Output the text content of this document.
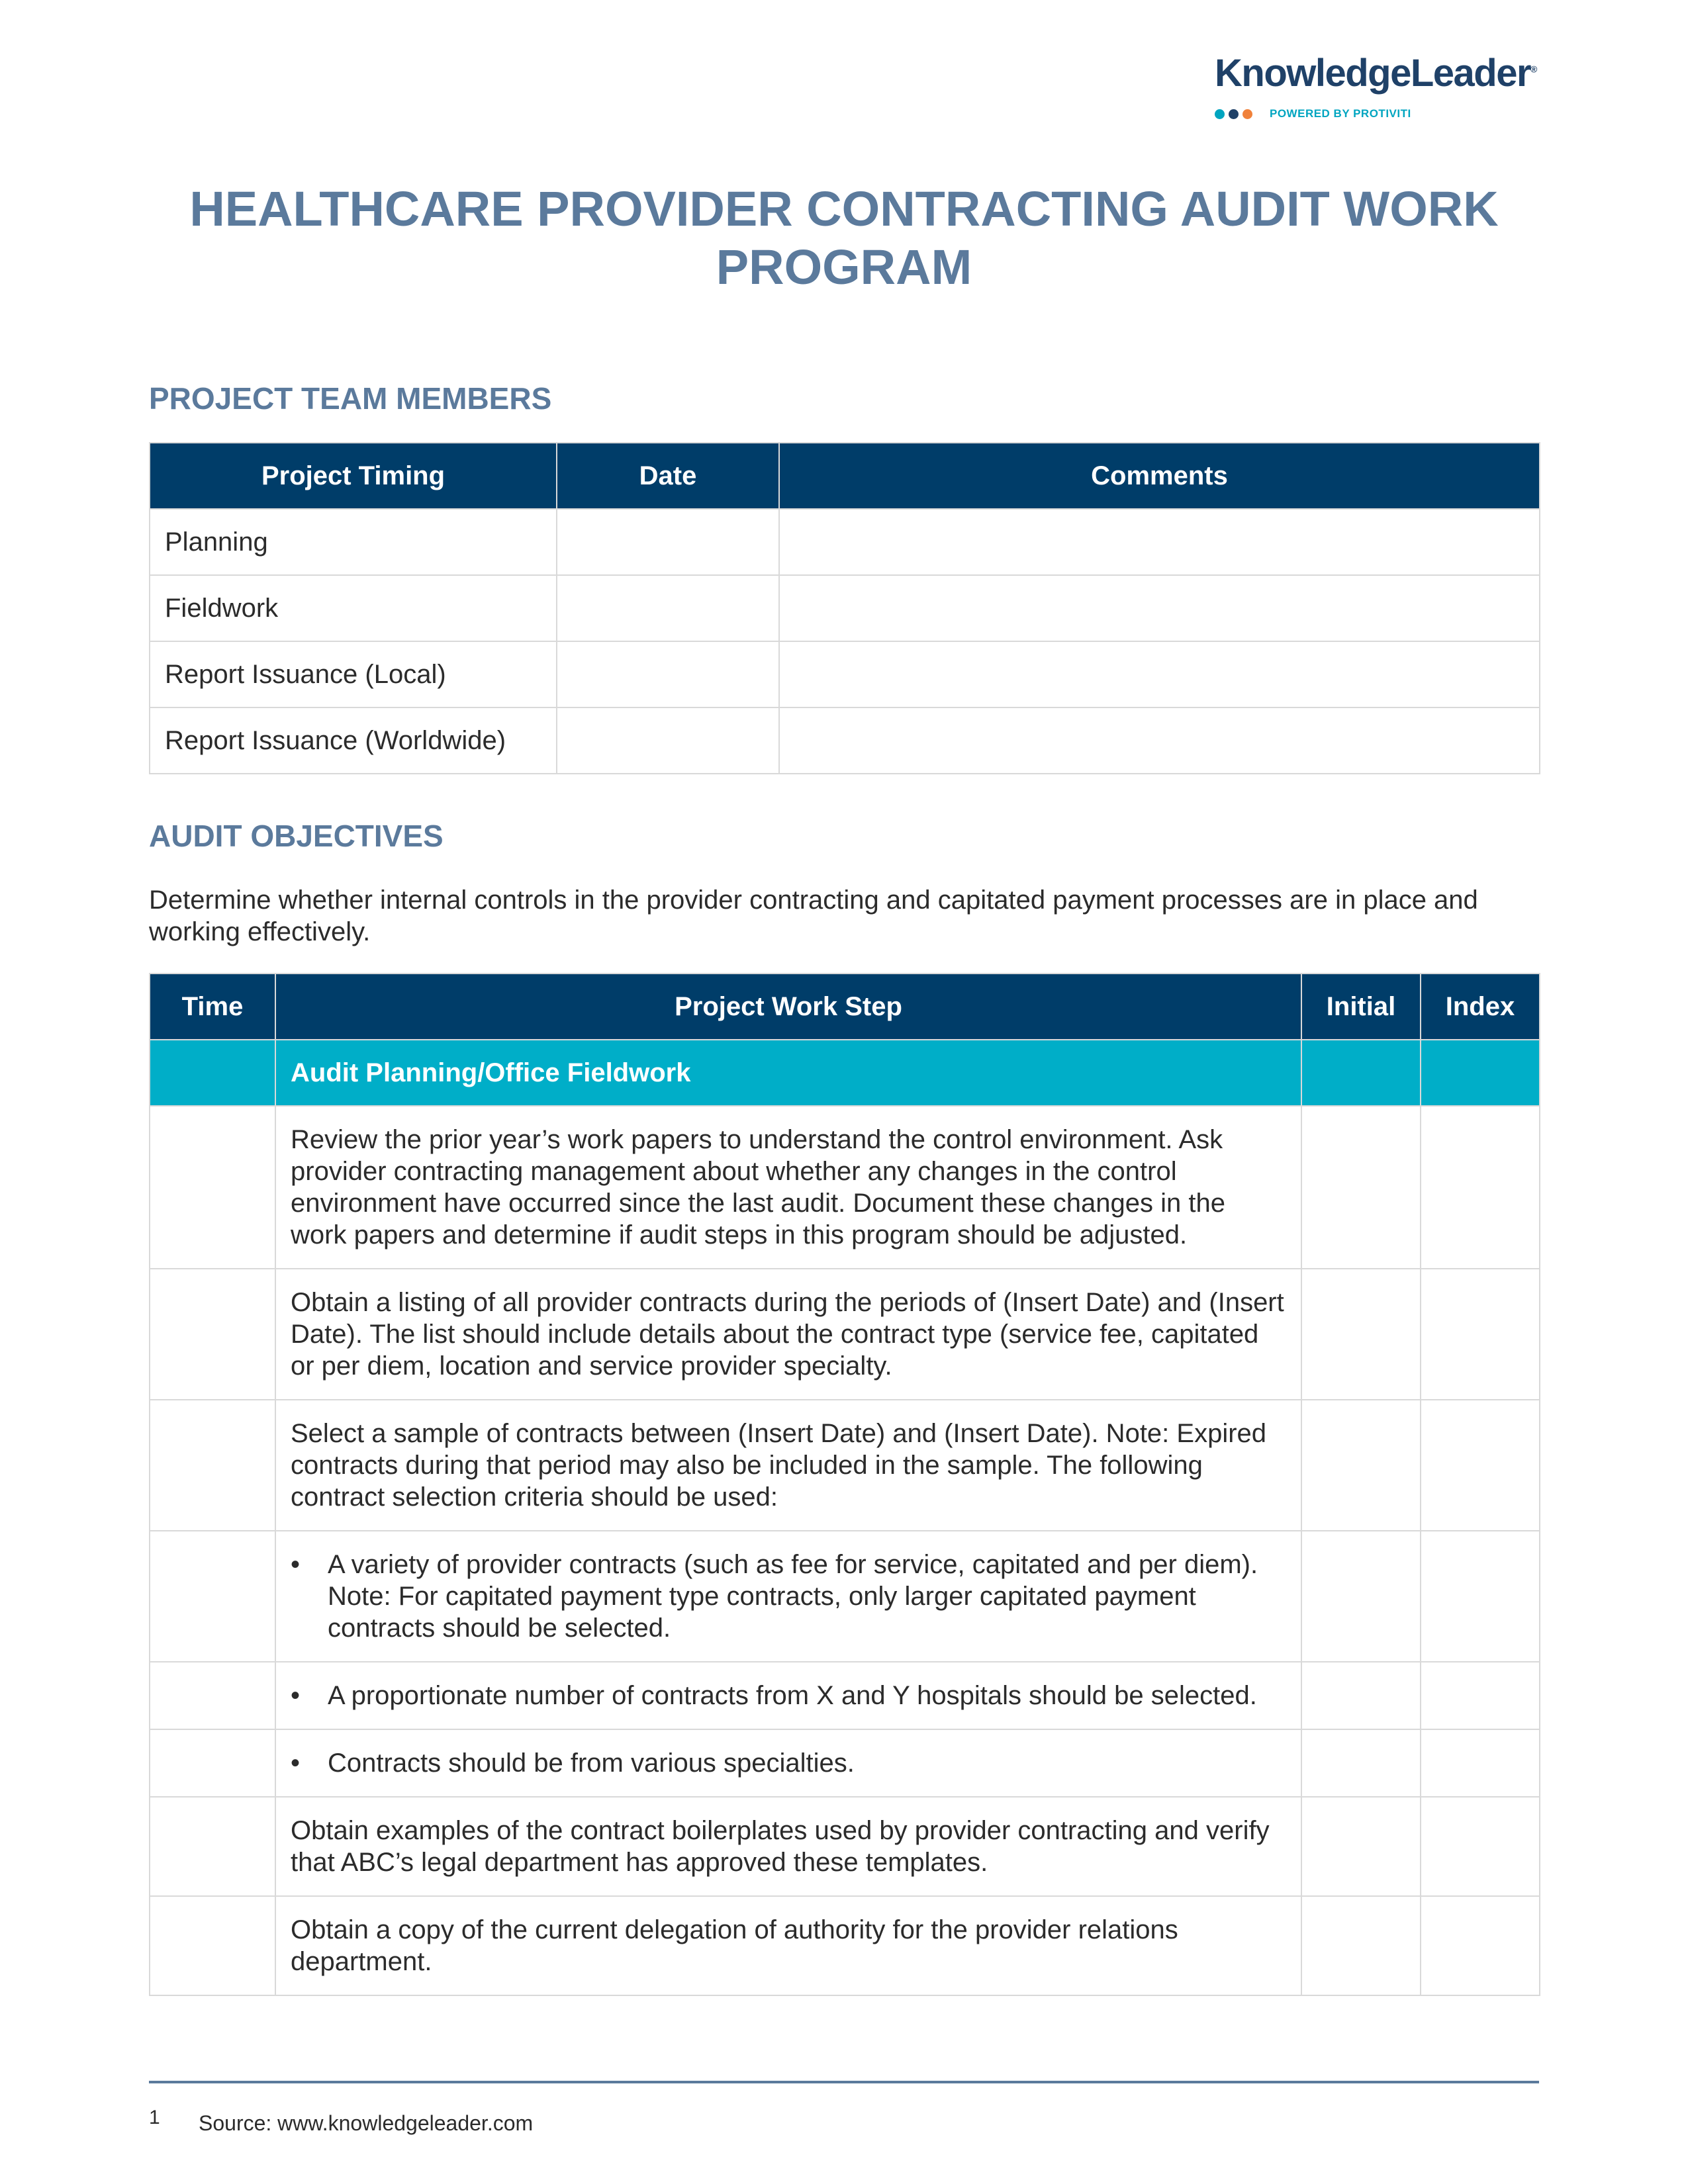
KnowledgeLeader®
POWERED BY PROTIVITI
HEALTHCARE PROVIDER CONTRACTING AUDIT WORK PROGRAM
PROJECT TEAM MEMBERS
Project Timing	Date	Comments
Planning		
Fieldwork		
Report Issuance (Local)		
Report Issuance (Worldwide)		
AUDIT OBJECTIVES
Determine whether internal controls in the provider contracting and capitated payment processes are in place and working effectively.
Time	Project Work Step	Initial	Index
	Audit Planning/Office Fieldwork		
	Review the prior year’s work papers to understand the control environment. Ask provider contracting management about whether any changes in the control environment have occurred since the last audit. Document these changes in the work papers and determine if audit steps in this program should be adjusted.		
	Obtain a listing of all provider contracts during the periods of (Insert Date) and (Insert Date). The list should include details about the contract type (service fee, capitated or per diem, location and service provider specialty.		
	Select a sample of contracts between (Insert Date) and (Insert Date). Note: Expired contracts during that period may also be included in the sample. The following contract selection criteria should be used:		

	• A variety of provider contracts (such as fee for service, capitated and per diem). Note: For capitated payment type contracts, only larger capitated payment contracts should be selected.		

	• A proportionate number of contracts from X and Y hospitals should be selected.		

	• Contracts should be from various specialties.		

	Obtain examples of the contract boilerplates used by provider contracting and verify that ABC’s legal department has approved these templates.		
	Obtain a copy of the current delegation of authority for the provider relations department.		
1 Source: www.knowledgeleader.com
